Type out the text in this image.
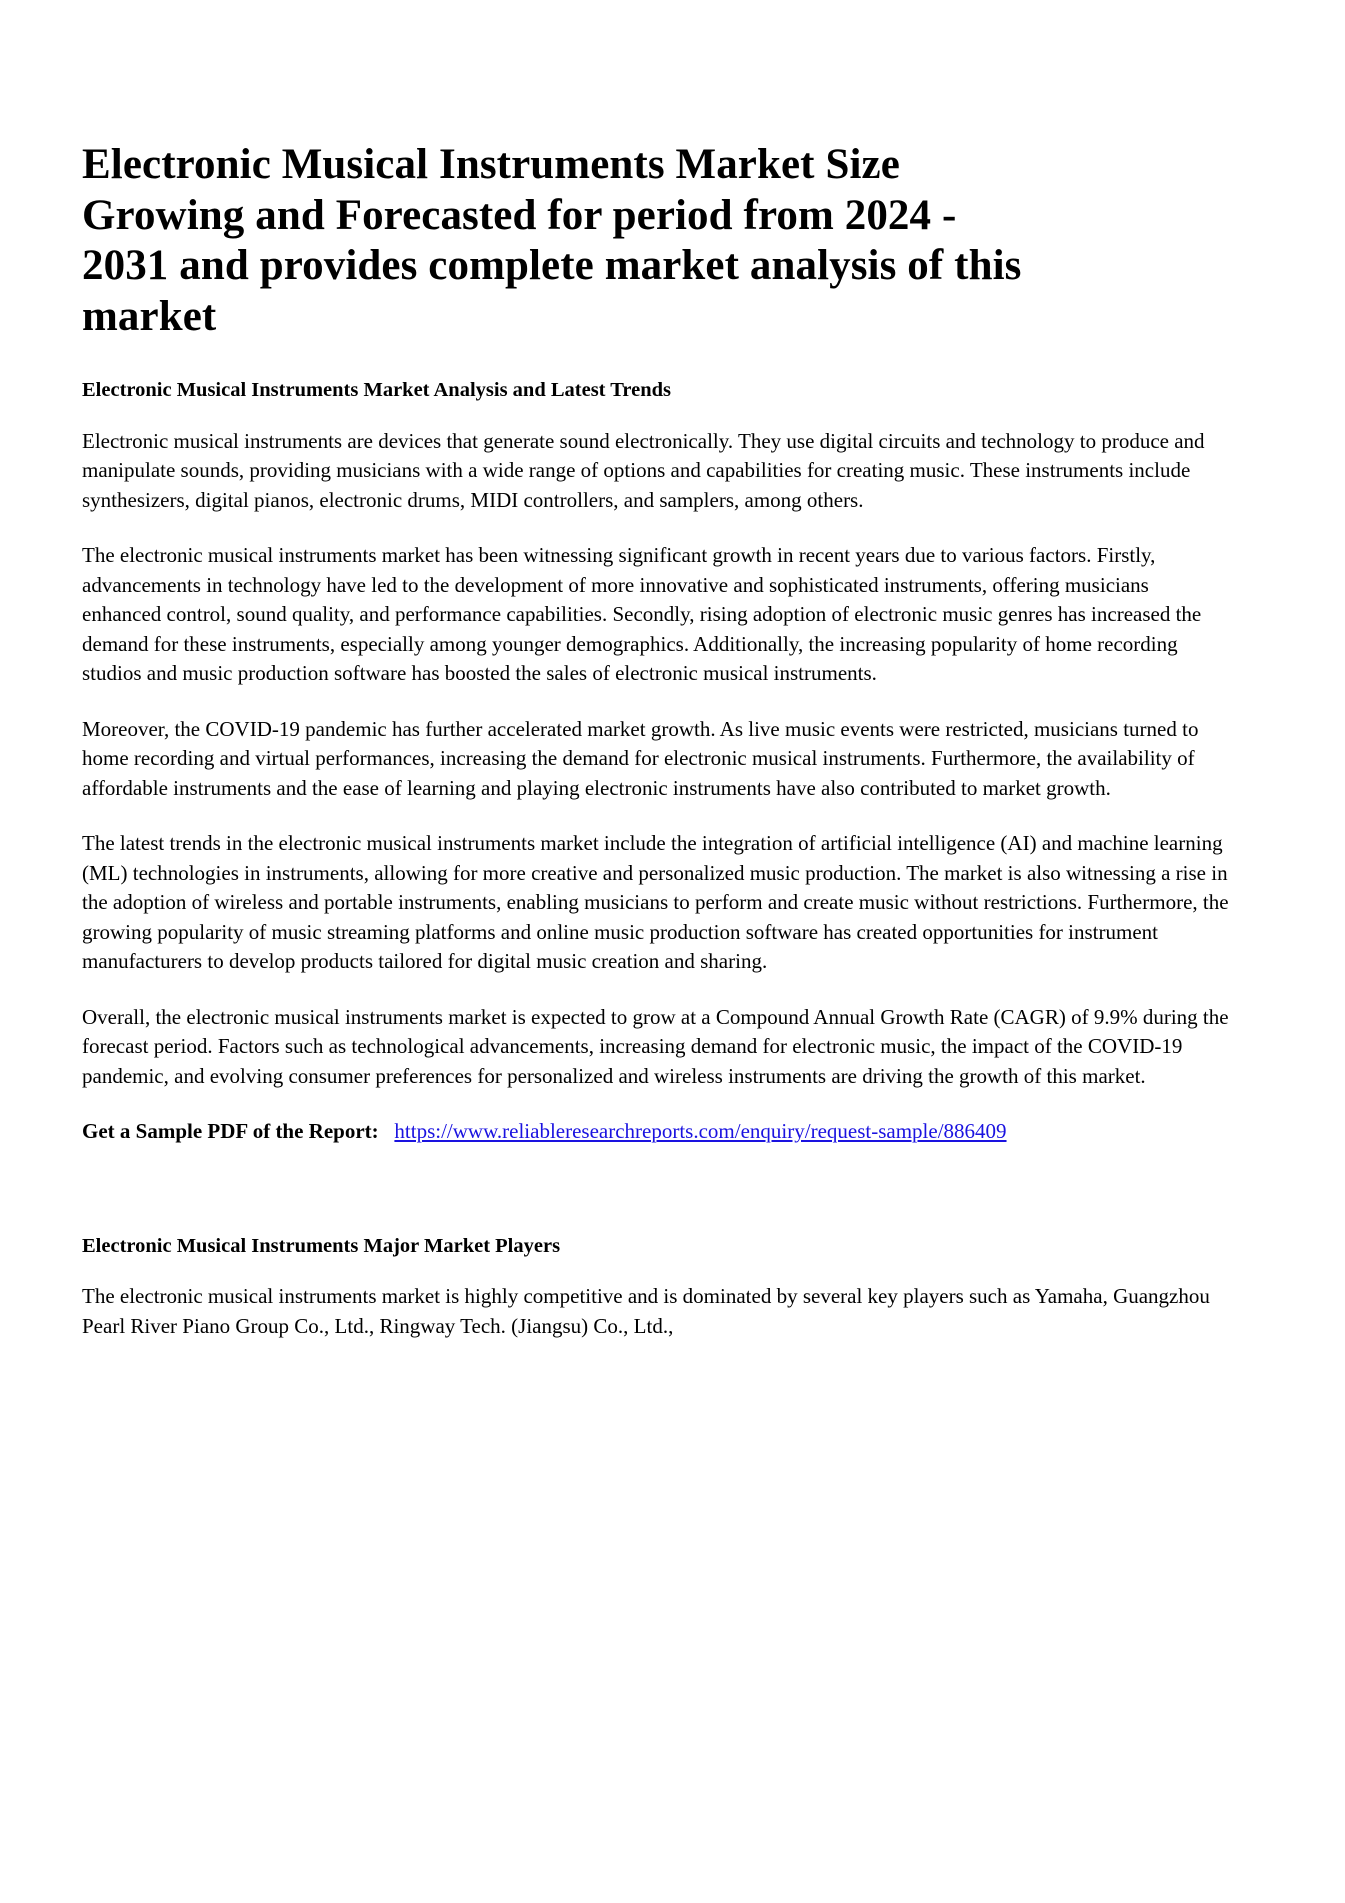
Electronic Musical Instruments Market Size Growing and Forecasted for period from 2024 - 2031 and provides complete market analysis of this market
Electronic Musical Instruments Market Analysis and Latest Trends

Electronic musical instruments are devices that generate sound electronically. They use digital circuits and technology to produce and manipulate sounds, providing musicians with a wide range of options and capabilities for creating music. These instruments include synthesizers, digital pianos, electronic drums, MIDI controllers, and samplers, among others.

The electronic musical instruments market has been witnessing significant growth in recent years due to various factors. Firstly, advancements in technology have led to the development of more innovative and sophisticated instruments, offering musicians enhanced control, sound quality, and performance capabilities. Secondly, rising adoption of electronic music genres has increased the demand for these instruments, especially among younger demographics. Additionally, the increasing popularity of home recording studios and music production software has boosted the sales of electronic musical instruments.

Moreover, the COVID-19 pandemic has further accelerated market growth. As live music events were restricted, musicians turned to home recording and virtual performances, increasing the demand for electronic musical instruments. Furthermore, the availability of affordable instruments and the ease of learning and playing electronic instruments have also contributed to market growth.

The latest trends in the electronic musical instruments market include the integration of artificial intelligence (AI) and machine learning (ML) technologies in instruments, allowing for more creative and personalized music production. The market is also witnessing a rise in the adoption of wireless and portable instruments, enabling musicians to perform and create music without restrictions. Furthermore, the growing popularity of music streaming platforms and online music production software has created opportunities for instrument manufacturers to develop products tailored for digital music creation and sharing.

Overall, the electronic musical instruments market is expected to grow at a Compound Annual Growth Rate (CAGR) of 9.9% during the forecast period. Factors such as technological advancements, increasing demand for electronic music, the impact of the COVID-19 pandemic, and evolving consumer preferences for personalized and wireless instruments are driving the growth of this market.

Get a Sample PDF of the Report: https://www.reliableresearchreports.com/enquiry/request-sample/886409

Electronic Musical Instruments Major Market Players

The electronic musical instruments market is highly competitive and is dominated by several key players such as Yamaha, Guangzhou Pearl River Piano Group Co., Ltd., Ringway Tech. (Jiangsu) Co., Ltd.,
